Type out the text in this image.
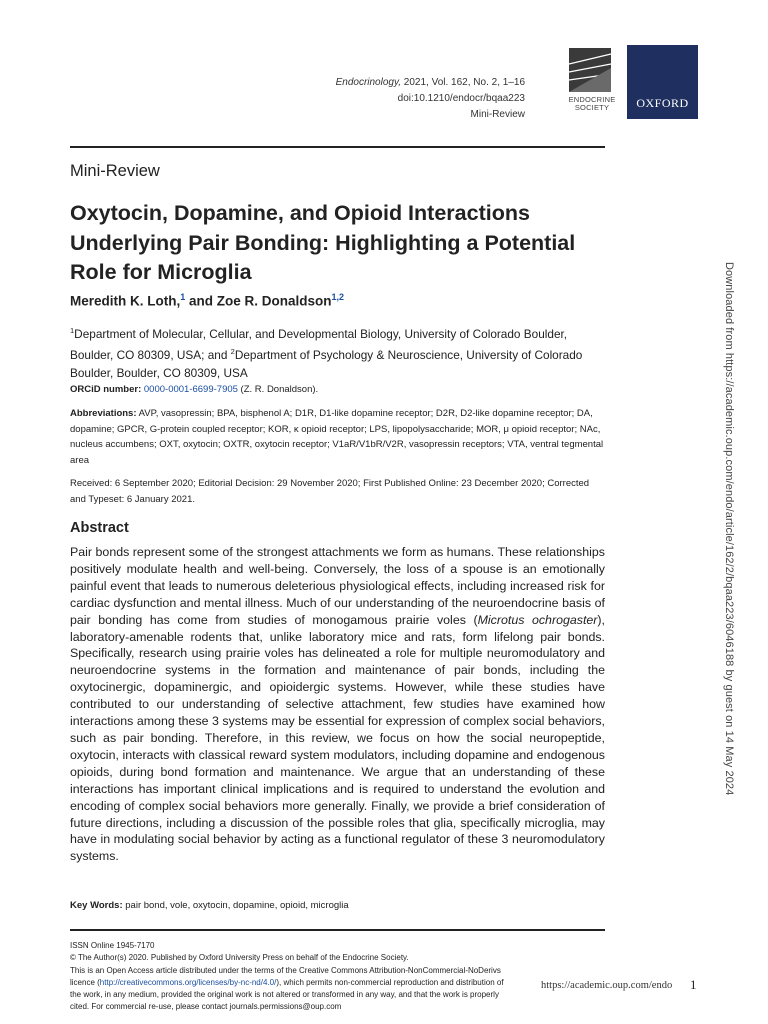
Endocrinology, 2021, Vol. 162, No. 2, 1–16
doi:10.1210/endocr/bqaa223
Mini-Review
ENDOCRINE
SOCIETY	OXFORD
Mini-Review
Oxytocin, Dopamine, and Opioid Interactions Underlying Pair Bonding: Highlighting a Potential Role for Microglia
Meredith K. Loth,$^1$ and Zoe R. Donaldson$^{1,2}$
$^1$Department of Molecular, Cellular, and Developmental Biology, University of Colorado Boulder, Boulder, CO 80309, USA; and $^2$Department of Psychology & Neuroscience, University of Colorado Boulder, Boulder, CO 80309, USA
ORCiD number: 0000-0001-6699-7905 (Z. R. Donaldson).
Abbreviations: AVP, vasopressin; BPA, bisphenol A; D1R, D1-like dopamine receptor; D2R, D2-like dopamine receptor; DA, dopamine; GPCR, G-protein coupled receptor; KOR, κ opioid receptor; LPS, lipopolysaccharide; MOR, μ opioid receptor; NAc, nucleus accumbens; OXT, oxytocin; OXTR, oxytocin receptor; V1aR/V1bR/V2R, vasopressin receptors; VTA, ventral tegmental area
Received: 6 September 2020; Editorial Decision: 29 November 2020; First Published Online: 23 December 2020; Corrected and Typeset: 6 January 2021.
Abstract
Pair bonds represent some of the strongest attachments we form as humans. These relationships positively modulate health and well-being. Conversely, the loss of a spouse is an emotionally painful event that leads to numerous deleterious physiological effects, including increased risk for cardiac dysfunction and mental illness. Much of our understanding of the neuroendocrine basis of pair bonding has come from studies of monogamous prairie voles (Microtus ochrogaster), laboratory-amenable rodents that, unlike laboratory mice and rats, form lifelong pair bonds. Specifically, research using prairie voles has delineated a role for multiple neuromodulatory and neuroendocrine systems in the formation and maintenance of pair bonds, including the oxytocinergic, dopaminergic, and opioidergic systems. However, while these studies have contributed to our understanding of selective attachment, few studies have examined how interactions among these 3 systems may be essential for expression of complex social behaviors, such as pair bonding. Therefore, in this review, we focus on how the social neuropeptide, oxytocin, interacts with classical reward system modulators, including dopamine and endogenous opioids, during bond formation and maintenance. We argue that an understanding of these interactions has important clinical implications and is required to understand the evolution and encoding of complex social behaviors more generally. Finally, we provide a brief consideration of future directions, including a discussion of the possible roles that glia, specifically microglia, may have in modulating social behavior by acting as a functional regulator of these 3 neuromodulatory systems.
Key Words: pair bond, vole, oxytocin, dopamine, opioid, microglia
ISSN Online 1945-7170
© The Author(s) 2020. Published by Oxford University Press on behalf of the Endocrine Society.
This is an Open Access article distributed under the terms of the Creative Commons Attribution-NonCommercial-NoDerivs licence (http://creativecommons.org/licenses/by-nc-nd/4.0/), which permits non-commercial reproduction and distribution of the work, in any medium, provided the original work is not altered or transformed in any way, and that the work is properly cited. For commercial re-use, please contact journals.permissions@oup.com
https://academic.oup.com/endo 1
Downloaded from https://academic.oup.com/endo/article/162/2/bqaa223/6046188 by guest on 14 May 2024
